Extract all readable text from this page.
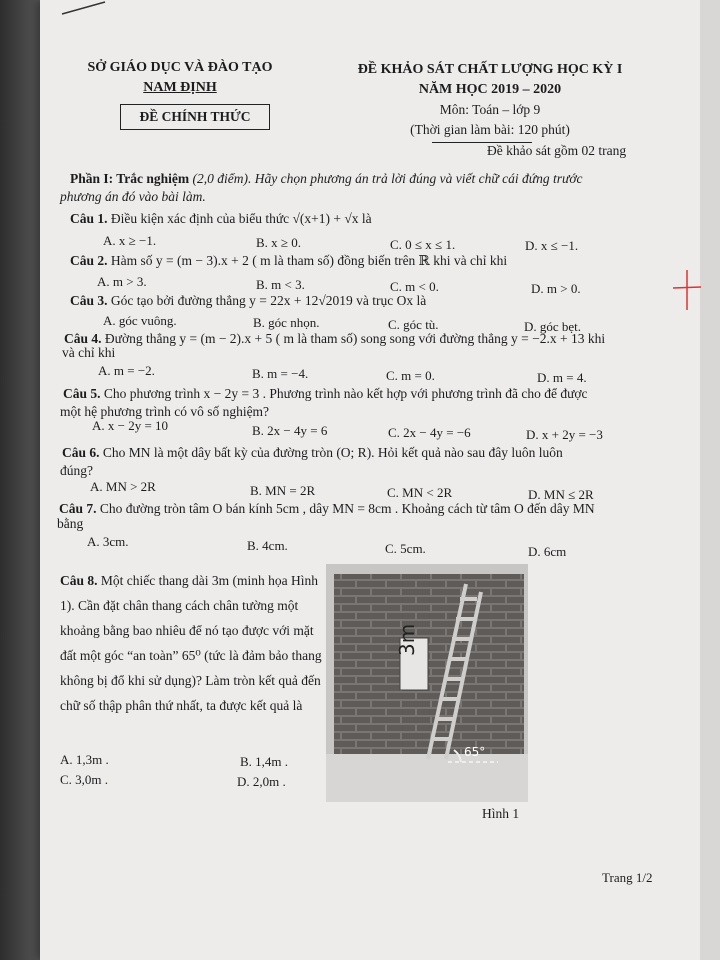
SỞ GIÁO DỤC VÀ ĐÀO TẠO
NAM ĐỊNH
ĐỀ CHÍNH THỨC
ĐỀ KHẢO SÁT CHẤT LƯỢNG HỌC KỲ I
NĂM HỌC 2019 – 2020
Môn: Toán – lớp 9
(Thời gian làm bài: 120 phút)
Đề khảo sát gồm 02 trang
Phần I: Trắc nghiệm (2,0 điểm). Hãy chọn phương án trả lời đúng và viết chữ cái đứng trước
phương án đó vào bài làm.
Câu 1. Điều kiện xác định của biểu thức √(x+1) + √x là
A. x ≥ −1.	B. x ≥ 0.	C. 0 ≤ x ≤ 1.	D. x ≤ −1.
Câu 2. Hàm số y = (m − 3).x + 2 ( m là tham số) đồng biến trên ℝ khi và chỉ khi
A. m > 3.	B. m < 3.	C. m < 0.	D. m > 0.
Câu 3. Góc tạo bởi đường thẳng y = 22x + 12√2019 và trục Ox là
A. góc vuông.	B. góc nhọn.	C. góc tù.	D. góc bẹt.
Câu 4. Đường thẳng y = (m − 2).x + 5 ( m là tham số) song song với đường thẳng y = −2.x + 13 khi
và chỉ khi
A. m = −2.	B. m = −4.	C. m = 0.	D. m = 4.
Câu 5. Cho phương trình x − 2y = 3 . Phương trình nào kết hợp với phương trình đã cho để được
một hệ phương trình có vô số nghiệm?
A. x − 2y = 10	B. 2x − 4y = 6	C. 2x − 4y = −6	D. x + 2y = −3
Câu 6. Cho MN là một dây bất kỳ của đường tròn (O; R). Hỏi kết quả nào sau đây luôn luôn
đúng?
A. MN > 2R	B. MN = 2R	C. MN < 2R	D. MN ≤ 2R
Câu 7. Cho đường tròn tâm O bán kính 5cm , dây MN = 8cm . Khoảng cách từ tâm O đến dây MN
bằng
A. 3cm.	B. 4cm.	C. 5cm.	D. 6cm
Câu 8. Một chiếc thang dài 3m (minh họa Hình 1). Cần đặt chân thang cách chân tường một khoảng bằng bao nhiêu để nó tạo được với mặt đất một góc “an toàn” 65⁰ (tức là đảm bảo thang không bị đổ khi sử dụng)? Làm tròn kết quả đến chữ số thập phân thứ nhất, ta được kết quả là
A. 1,3m .	B. 1,4m .
C. 3,0m .	D. 2,0m .
3m
65°
Hình 1
Trang 1/2
